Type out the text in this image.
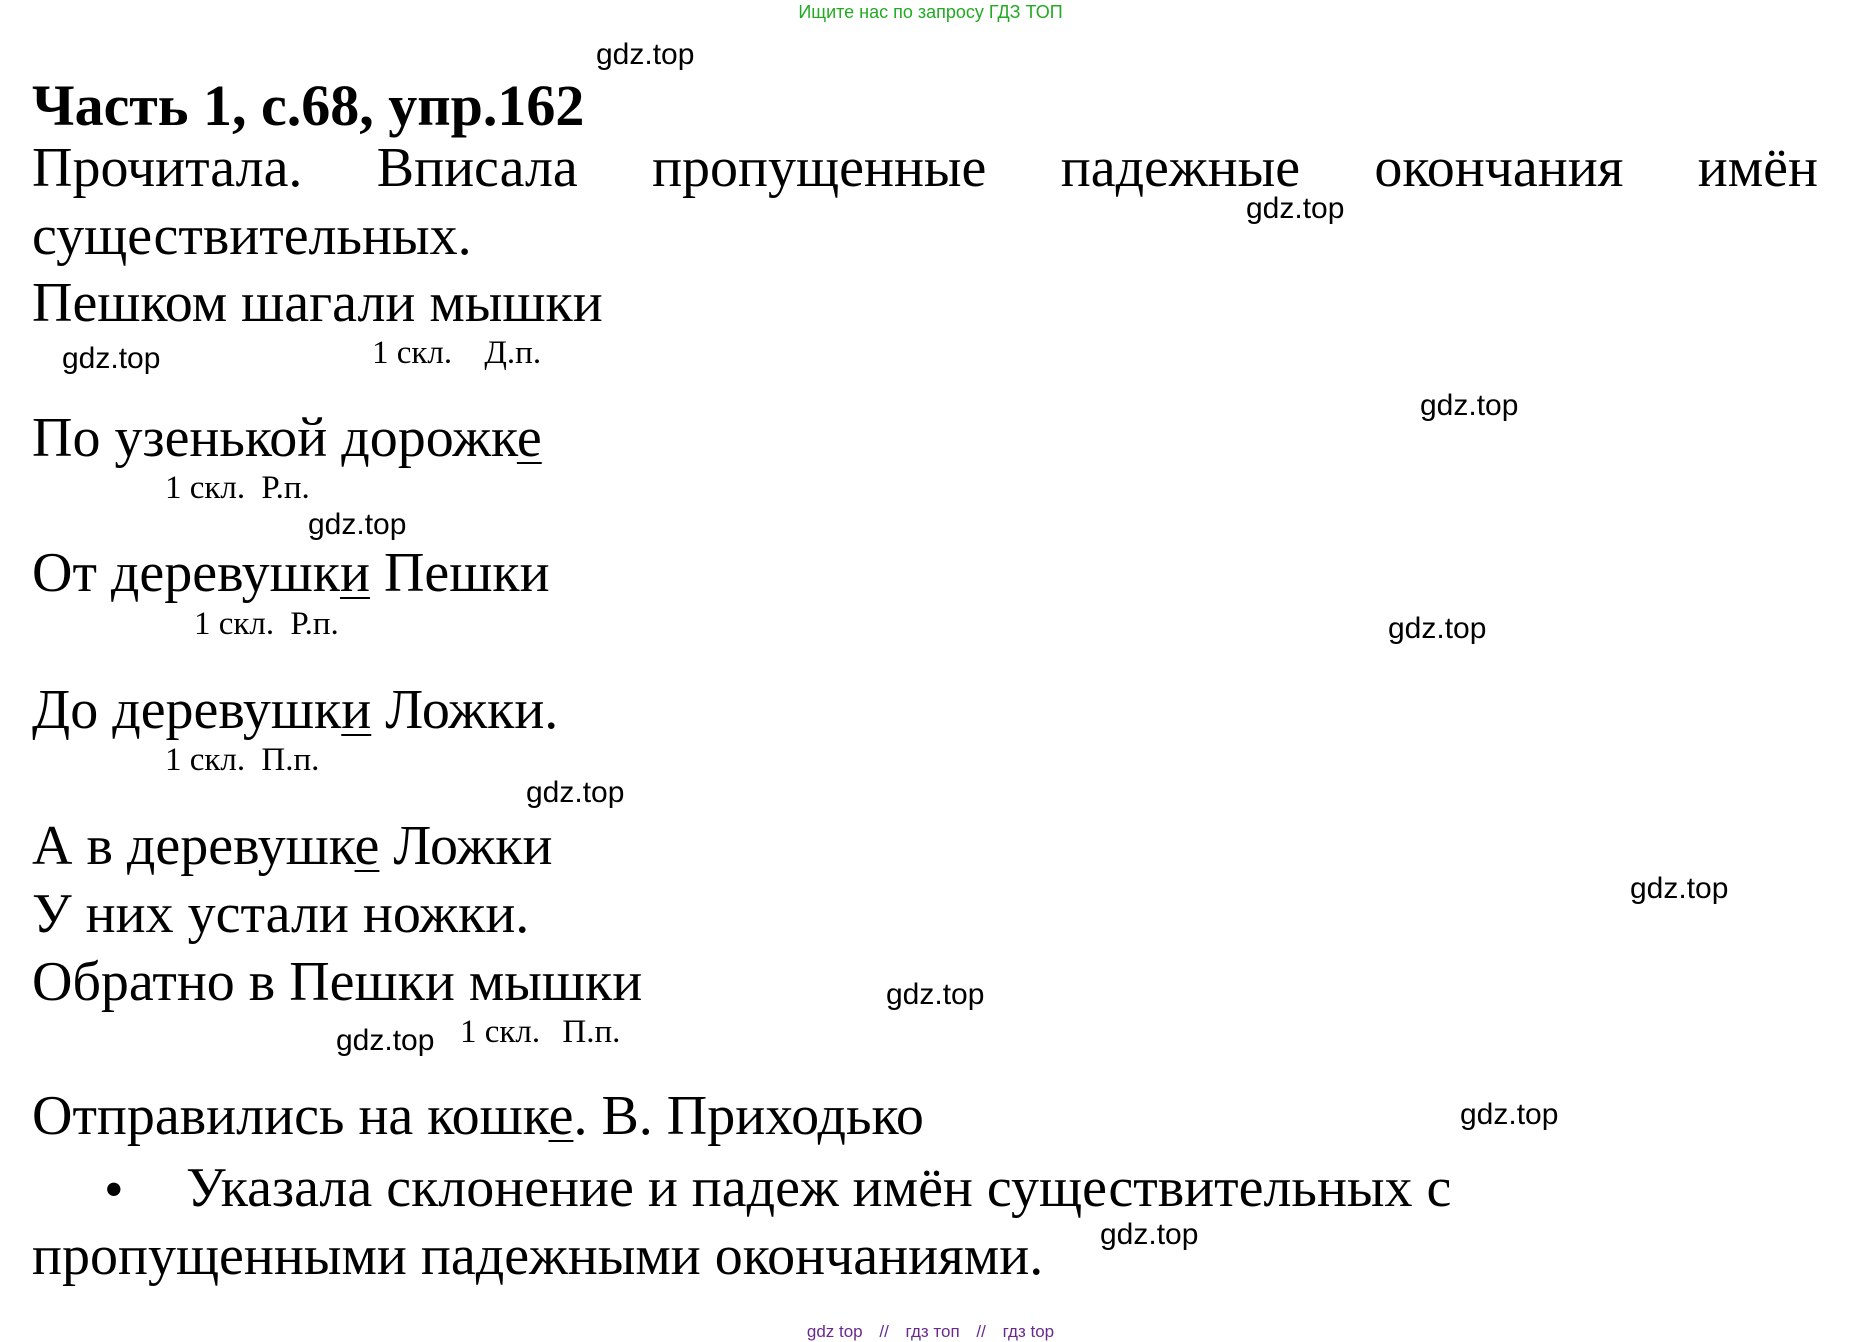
Ищите нас по запросу ГДЗ ТОП
Часть 1, с.68, упр.162
Прочитала. Вписала пропущенные падежные окончания имён
существительных.
Пешком шагали мышки
1 скл. Д.п.
По узенькой дорожке
1 скл. Р.п.
От деревушки Пешки
1 скл. Р.п.
До деревушки Ложки.
1 скл. П.п.
А в деревушке Ложки
У них устали ножки.
Обратно в Пешки мышки
1 скл. П.п.
Отправились на кошке. В. Приходько
• Указала склонение и падеж имён существительных с
пропущенными падежными окончаниями.
gdz.top
gdz.top
gdz.top
gdz.top
gdz.top
gdz.top
gdz.top
gdz.top
gdz.top
gdz.top
gdz.top
gdz.top
gdz top // гдз топ // гдз top
